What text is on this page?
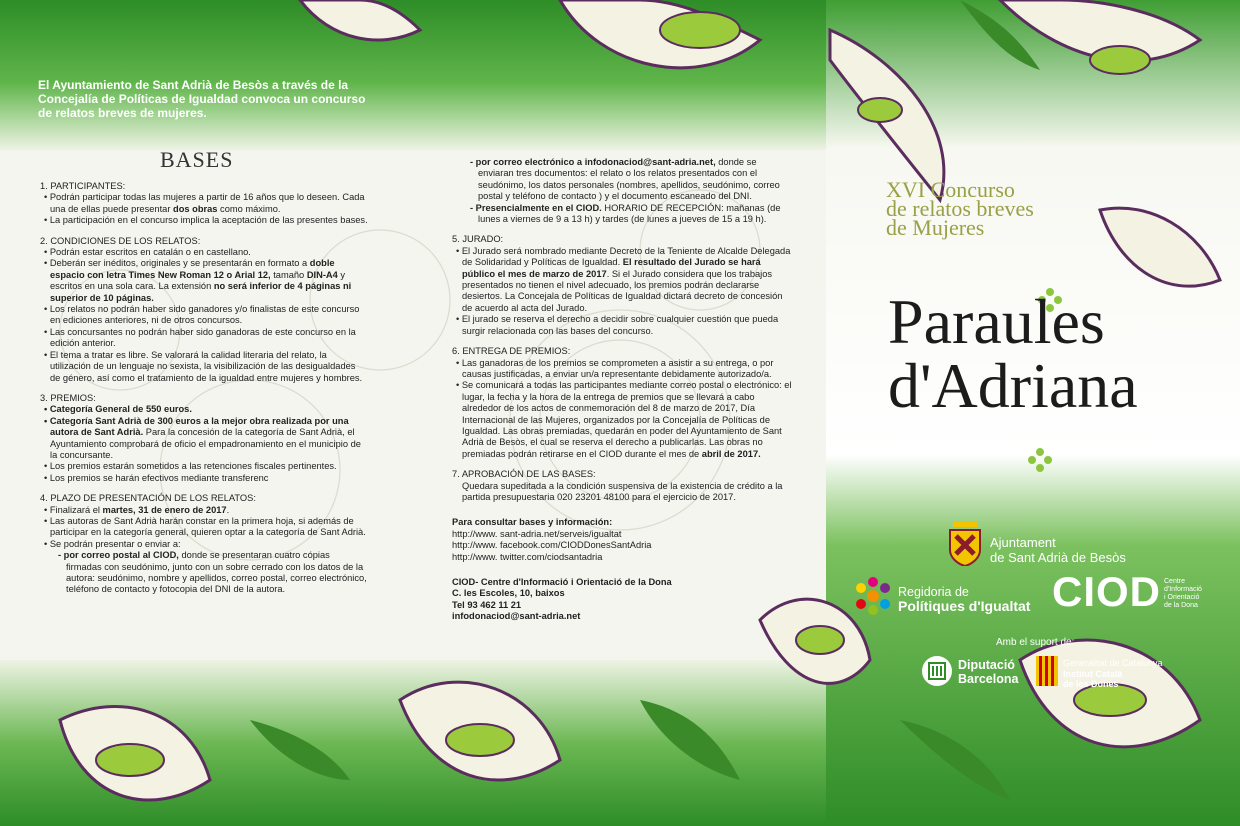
El Ayuntamiento de Sant Adrià de Besòs a través de la Concejalía de Políticas de Igualdad convoca un concurso de relatos breves de mujeres.
BASES

1. PARTICIPANTES:

• Podrán participar todas las mujeres a partir de 16 años que lo deseen. Cada una de ellas puede presentar dos obras como máximo.

• La participación en el concurso implica la aceptación de las presentes bases.

2. CONDICIONES DE LOS RELATOS:

• Podrán estar escritos en catalán o en castellano.

• Deberán ser inéditos, originales y se presentarán en formato a doble espacio con letra Times New Roman 12 o Arial 12, tamaño DIN-A4 y escritos en una sola cara. La extensión no será inferior de 4 páginas ni superior de 10 páginas.

• Los relatos no podrán haber sido ganadores y/o finalistas de este concurso en ediciones anteriores, ni de otros concursos.

• Las concursantes no podrán haber sido ganadoras de este concurso en la edición anterior.

• El tema a tratar es libre. Se valorará la calidad literaria del relato, la utilización de un lenguaje no sexista, la visibilización de las desigualdades de género, así como el tratamiento de la igualdad entre mujeres y hombres.

3. PREMIOS:

• Categoría General de 550 euros.

• Categoría Sant Adrià de 300 euros a la mejor obra realizada por una autora de Sant Adrià. Para la concesión de la categoría de Sant Adrià, el Ayuntamiento comprobará de oficio el empadronamiento en el municipio de la concursante.

• Los premios estarán sometidos a las retenciones fiscales pertinentes.

• Los premios se harán efectivos mediante transferenc

4. PLAZO DE PRESENTACIÓN DE LOS RELATOS:

• Finalizará el martes, 31 de enero de 2017.

• Las autoras de Sant Adrià harán constar en la primera hoja, si además de participar en la categoría general, quieren optar a la categoría de Sant Adrià.

• Se podrán presentar o enviar a:

- por correo postal al CIOD, donde se presentaran cuatro cópias firmadas con seudónimo, junto con un sobre cerrado con los datos de la autora: seudónimo, nombre y apellidos, correo postal, correo electrónico, teléfono de contacto y fotocopia del DNI de la autora.

- por correo electrónico a infodonaciod@sant-adria.net, donde se enviaran tres documentos: el relato o los relatos presentados con el seudónimo, los datos personales (nombres, apellidos, seudónimo, correo postal y teléfono de contacto ) y el documento escaneado del DNI.

- Presencialmente en el CIOD. HORARIO DE RECEPCIÓN: mañanas (de lunes a viernes de 9 a 13 h) y tardes (de lunes a jueves de 15 a 19 h).

5. JURADO:

• El Jurado será nombrado mediante Decreto de la Teniente de Alcalde Delegada de Solidaridad y Políticas de Igualdad. El resultado del Jurado se hará público el mes de marzo de 2017. Si el Jurado considera que los trabajos presentados no tienen el nivel adecuado, los premios podrán declararse desiertos. La Concejala de Políticas de Igualdad dictará decreto de concesión de acuerdo al acta del Jurado.

• El jurado se reserva el derecho a decidir sobre cualquier cuestión que pueda surgir relacionada con las bases del concurso.

6. ENTREGA DE PREMIOS:

• Las ganadoras de los premios se comprometen a asistir a su entrega, o por causas justificadas, a enviar un/a representante debidamente autorizado/a.

• Se comunicará a todas las participantes mediante correo postal o electrónico: el lugar, la fecha y la hora de la entrega de premios que se llevará a cabo alrededor de los actos de conmemoración del 8 de marzo de 2017, Día Internacional de las Mujeres, organizados por la Concejalía de Políticas de Igualdad. Las obras premiadas, quedarán en poder del Ayuntamiento de Sant Adrià de Besòs, el cual se reserva el derecho a publicarlas. Las obras no premiadas podrán retirarse en el CIOD durante el mes de abril de 2017.

7. APROBACIÓN DE LAS BASES:

Quedara supeditada a la condición suspensiva de la existencia de crédito a la partida presupuestaria 020 23201 48100 para el ejercicio de 2017.

Para consultar bases y información:

http://www. sant-adria.net/serveis/igualtat

http://www. facebook.com/CIODDonesSantAdria

http://www. twitter.com/ciodsantadria

CIOD- Centre d'Informació i Orientació de la Dona

C. les Escoles, 10, baixos

Tel 93 462 11 21

infodonaciod@sant-adria.net

XVI Concurso
de relatos breves
de Mujeres
Paraules
d'Adriana
Ajuntament
de Sant Adrià de Besòs
Regidoria de
Polítiques d'Igualtat CIOD Centre
d'Informació
i Orientació
de la Dona
Amb el suport de:
Diputació
Barcelona
Generalitat de Catalunya
Institut Català
de les Dones
